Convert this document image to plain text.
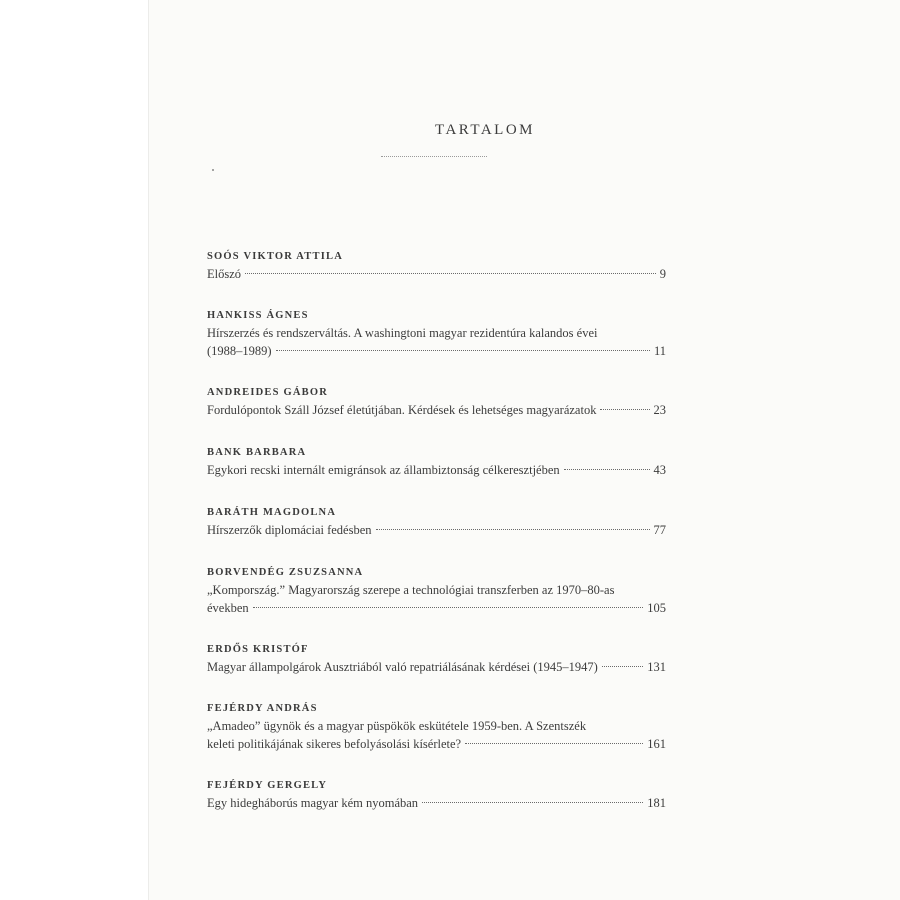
TARTALOM
SOÓS VIKTOR ATTILA
Előszó	9
HANKISS ÁGNES
Hírszerzés és rendszerváltás. A washingtoni magyar rezidentúra kalandos évei
(1988–1989)	11
ANDREIDES GÁBOR
Fordulópontok Száll József életútjában. Kérdések és lehetséges magyarázatok	23
BANK BARBARA
Egykori recski internált emigránsok az állambiztonság célkeresztjében	43
BARÁTH MAGDOLNA
Hírszerzők diplomáciai fedésben	77
BORVENDÉG ZSUZSANNA
„Kompország.” Magyarország szerepe a technológiai transzferben az 1970–80-as
években	105
ERDŐS KRISTÓF
Magyar állampolgárok Ausztriából való repatriálásának kérdései (1945–1947)	131
FEJÉRDY ANDRÁS
„Amadeo” ügynök és a magyar püspökök eskütétele 1959-ben. A Szentszék
keleti politikájának sikeres befolyásolási kísérlete?	161
FEJÉRDY GERGELY
Egy hidegháborús magyar kém nyomában	181
